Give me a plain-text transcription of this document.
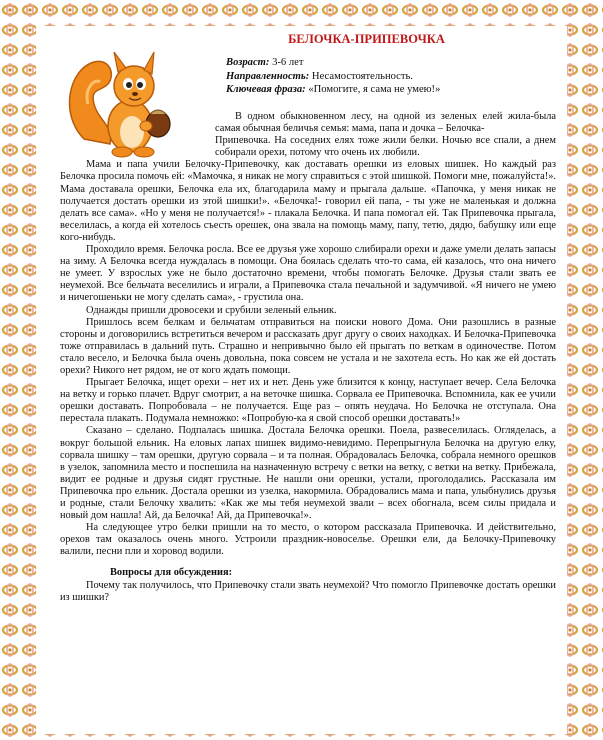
БЕЛОЧКА-ПРИПЕВОЧКА
Возраст: 3-6 лет
Направленность: Несамостоятельность.
Ключевая фраза: «Помогите, я сама не умею!»

В одном обыкновенном лесу, на одной из зеленых елей жила-была самая обычная беличья семья: мама, папа и дочка – Белочка-

Припевочка. На соседних елях тоже жили белки. Ночью все спали, а днем собирали орехи, потому что очень их любили.

Мама и папа учили Белочку-Припевочку, как доставать орешки из еловых шишек. Но каждый раз Белочка просила помочь ей: «Мамочка, я никак не могу справиться с этой шишкой. Помоги мне, пожалуйста!». Мама доставала орешки, Белочка ела их, благодарила маму и прыгала дальше. «Папочка, у меня никак не получается достать орешки из этой шишки!». «Белочка!- говорил ей папа, - ты уже не маленькая и должна делать все сама». «Но у меня не получается!» - плакала Белочка. И папа помогал ей. Так Припевочка прыгала, веселилась, а когда ей хотелось съесть орешек, она звала на помощь маму, папу, тетю, дядю, бабушку или еще кого-нибудь.

Проходило время. Белочка росла. Все ее друзья уже хорошо слибирали орехи и даже умели делать запасы на зиму. А Белочка всегда нуждалась в помощи. Она боялась сделать что-то сама, ей казалось, что она ничего не умеет. У взрослых уже не было достаточно времени, чтобы помогать Белочке. Друзья стали звать ее неумехой. Все бельчата веселились и играли, а Припевочка стала печальной и задумчивой. «Я ничего не умею и ничегошеньки не могу сделать сама», - грустила она.

Однажды пришли дровосеки и срубили зеленый ельник.

Пришлось всем белкам и бельчатам отправиться на поиски нового Дома. Они разошлись в разные стороны и договорились встретиться вечером и рассказать друг другу о своих находках. И Белочка-Припевочка тоже отправилась в дальний путь. Страшно и непривычно было ей прыгать по веткам в одиночестве. Потом стало весело, и Белочка была очень довольна, пока совсем не устала и не захотела есть. Но как же ей достать орехи? Никого нет рядом, не от кого ждать помощи.

Прыгает Белочка, ищет орехи – нет их и нет. День уже близится к концу, наступает вечер. Села Белочка на ветку и горько плачет. Вдруг смотрит, а на веточке шишка. Сорвала ее Припевочка. Вспомнила, как ее учили орешки доставать. Попробовала – не получается. Еще раз – опять неудача. Но Белочка не отступала. Она перестала плакать. Подумала немножко: «Попробую-ка я свой способ орешки доставать!»

Сказано – сделано. Подпалась шишка. Достала Белочка орешки. Поела, развеселилась. Огляделась, а вокруг большой ельник. На еловых лапах шишек видимо-невидимо. Перепрыгнула Белочка на другую елку, сорвала шишку – там орешки, другую сорвала – и та полная. Обрадовалась Белочка, собрала немного орешков в узелок, запомнила место и поспешила на назначенную встречу с ветки на ветку, с ветки на ветку. Прибежала, видит ее родные и друзья сидят грустные. Не нашли они орешки, устали, проголодались. Рассказала им Припевочка про ельник. Достала орешки из узелка, накормила. Обрадовались мама и папа, улыбнулись друзья и родные, стали Белочку хвалить: «Как же мы тебя неумехой звали – всех обогнала, всем силы придала и новый дом нашла! Ай, да Белочка! Ай, да Припевочка!».

На следующее утро белки пришли на то место, о котором рассказала Припевочка. И действительно, орехов там оказалось очень много. Устроили праздник-новоселье. Орешки ели, да Белочку-Припевочку валили, песни пли и хоровод водили.

Вопросы для обсуждения:

Почему так получилось, что Припевочку стали звать неумехой? Что помогло Припевочке достать орешки из шишки?
